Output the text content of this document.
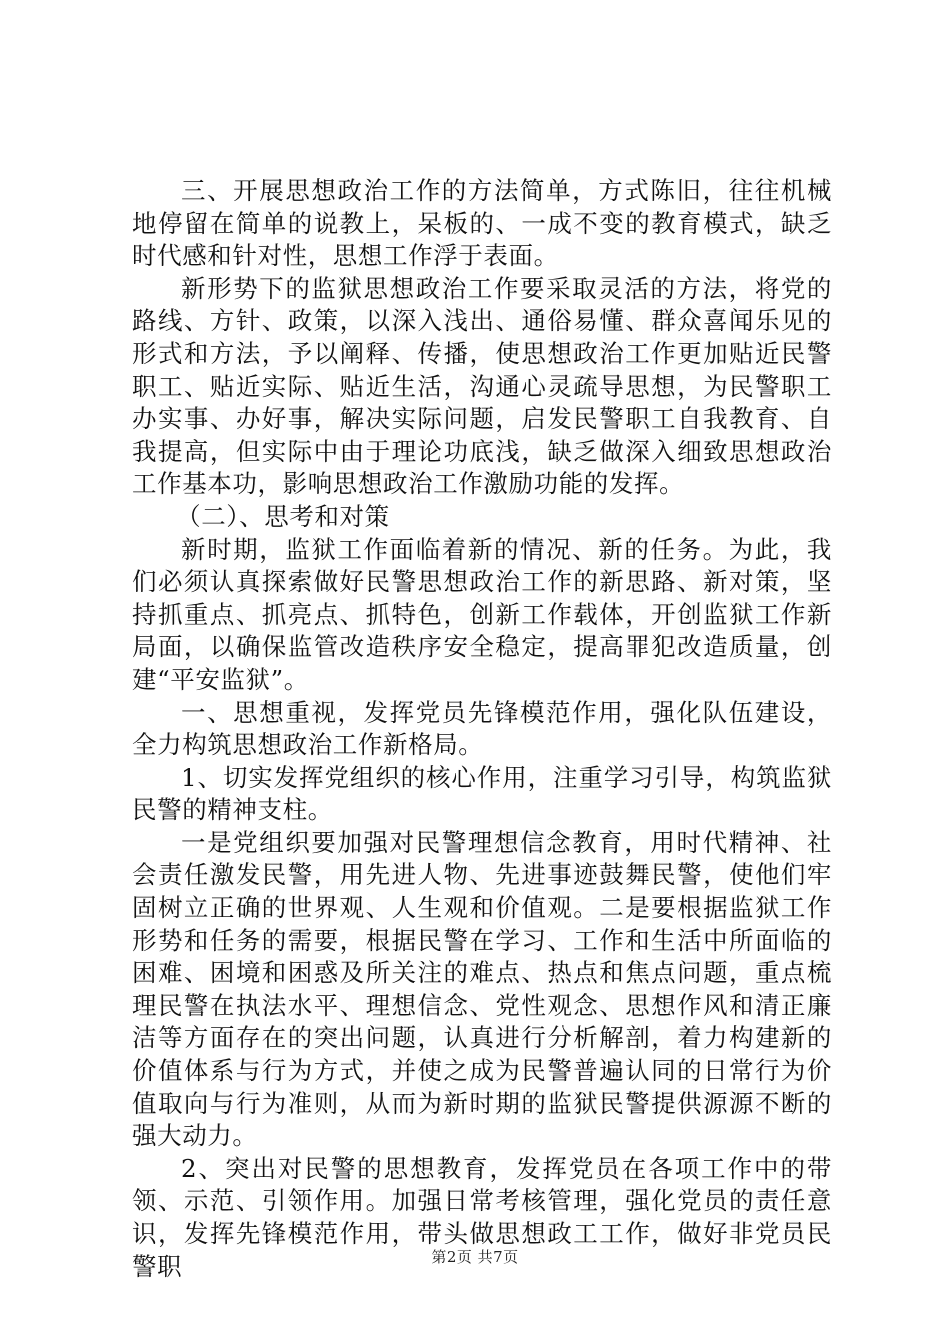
三、开展思想政治工作的方法简单，方式陈旧，往往机械地停留在简单的说教上，呆板的、一成不变的教育模式，缺乏时代感和针对性，思想工作浮于表面。

新形势下的监狱思想政治工作要采取灵活的方法，将党的路线、方针、政策，以深入浅出、通俗易懂、群众喜闻乐见的形式和方法，予以阐释、传播，使思想政治工作更加贴近民警职工、贴近实际、贴近生活，沟通心灵疏导思想，为民警职工办实事、办好事，解决实际问题，启发民警职工自我教育、自我提高，但实际中由于理论功底浅，缺乏做深入细致思想政治工作基本功，影响思想政治工作激励功能的发挥。

（二）、思考和对策

新时期，监狱工作面临着新的情况、新的任务。为此，我们必须认真探索做好民警思想政治工作的新思路、新对策，坚持抓重点、抓亮点、抓特色，创新工作载体，开创监狱工作新局面，以确保监管改造秩序安全稳定，提高罪犯改造质量，创建“平安监狱”。

一、思想重视，发挥党员先锋模范作用，强化队伍建设，全力构筑思想政治工作新格局。

1、切实发挥党组织的核心作用，注重学习引导，构筑监狱民警的精神支柱。

一是党组织要加强对民警理想信念教育，用时代精神、社会责任激发民警，用先进人物、先进事迹鼓舞民警，使他们牢固树立正确的世界观、人生观和价值观。二是要根据监狱工作形势和任务的需要，根据民警在学习、工作和生活中所面临的困难、困境和困惑及所关注的难点、热点和焦点问题，重点梳理民警在执法水平、理想信念、党性观念、思想作风和清正廉洁等方面存在的突出问题，认真进行分析解剖，着力构建新的价值体系与行为方式，并使之成为民警普遍认同的日常行为价值取向与行为准则，从而为新时期的监狱民警提供源源不断的强大动力。

2、突出对民警的思想教育，发挥党员在各项工作中的带领、示范、引领作用。加强日常考核管理，强化党员的责任意识，发挥先锋模范作用，带头做思想政工工作，做好非党员民警职	第2页 共7页
